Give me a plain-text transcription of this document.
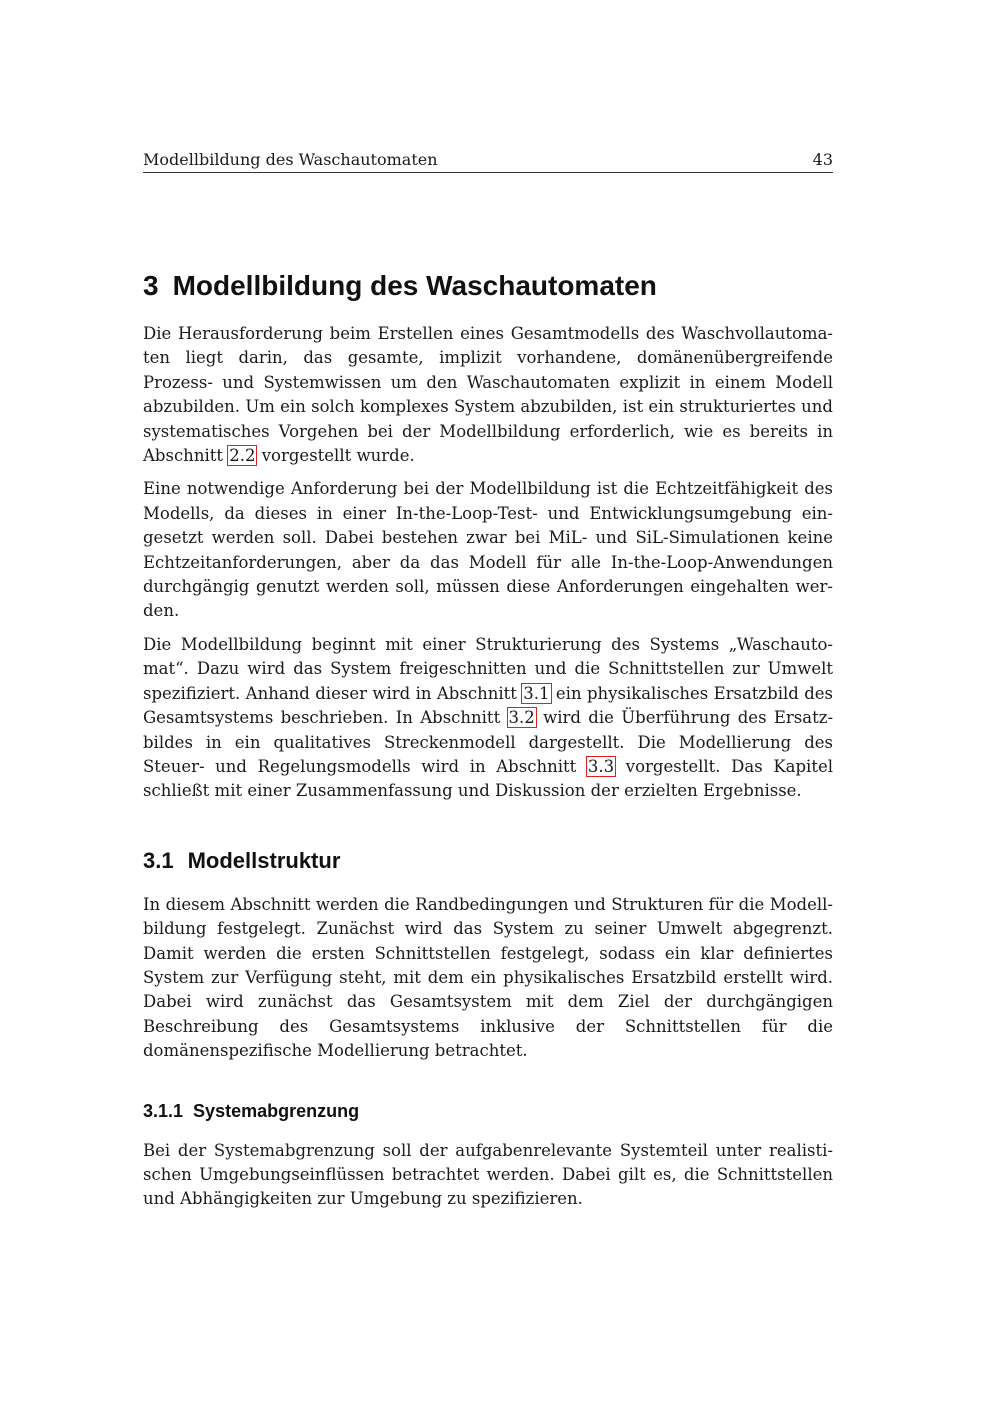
Modellbildung des Waschautomaten	43
3 Modellbildung des Waschautomaten

Die Herausforderung beim Erstellen eines Gesamtmodells des Waschvollautomaten liegt darin, das gesamte, implizit vorhandene, domänenübergreifende Prozess- und Systemwissen um den Waschautomaten explizit in einem Modell abzubilden. Um ein solch komplexes System abzubilden, ist ein strukturiertes und systematisches Vorgehen bei der Modellbildung erforderlich, wie es bereits in Abschnitt 2.2 vorgestellt wurde.

Eine notwendige Anforderung bei der Modellbildung ist die Echtzeitfähigkeit des Modells, da dieses in einer In-the-Loop-Test- und Entwicklungsumgebung eingesetzt werden soll. Dabei bestehen zwar bei MiL- und SiL-Simulationen keine Echtzeitanforderungen, aber da das Modell für alle In-the-Loop-Anwendungen durchgängig genutzt werden soll, müssen diese Anforderungen eingehalten werden.

Die Modellbildung beginnt mit einer Strukturierung des Systems „Waschautomat“. Dazu wird das System freigeschnitten und die Schnittstellen zur Umwelt spezifiziert. Anhand dieser wird in Abschnitt 3.1 ein physikalisches Ersatzbild des Gesamtsystems beschrieben. In Abschnitt 3.2 wird die Überführung des Ersatzbildes in ein qualitatives Streckenmodell dargestellt. Die Modellierung des Steuer- und Regelungsmodells wird in Abschnitt 3.3 vorgestellt. Das Kapitel schließt mit einer Zusammenfassung und Diskussion der erzielten Ergebnisse.

3.1 Modellstruktur

In diesem Abschnitt werden die Randbedingungen und Strukturen für die Modellbildung festgelegt. Zunächst wird das System zu seiner Umwelt abgegrenzt. Damit werden die ersten Schnittstellen festgelegt, sodass ein klar definiertes System zur Verfügung steht, mit dem ein physikalisches Ersatzbild erstellt wird. Dabei wird zunächst das Gesamtsystem mit dem Ziel der durchgängigen Beschreibung des Gesamtsystems inklusive der Schnittstellen für die domänenspezifische Modellierung betrachtet.

3.1.1 Systemabgrenzung

Bei der Systemabgrenzung soll der aufgabenrelevante Systemteil unter realistischen Umgebungseinflüssen betrachtet werden. Dabei gilt es, die Schnittstellen und Abhängigkeiten zur Umgebung zu spezifizieren.
